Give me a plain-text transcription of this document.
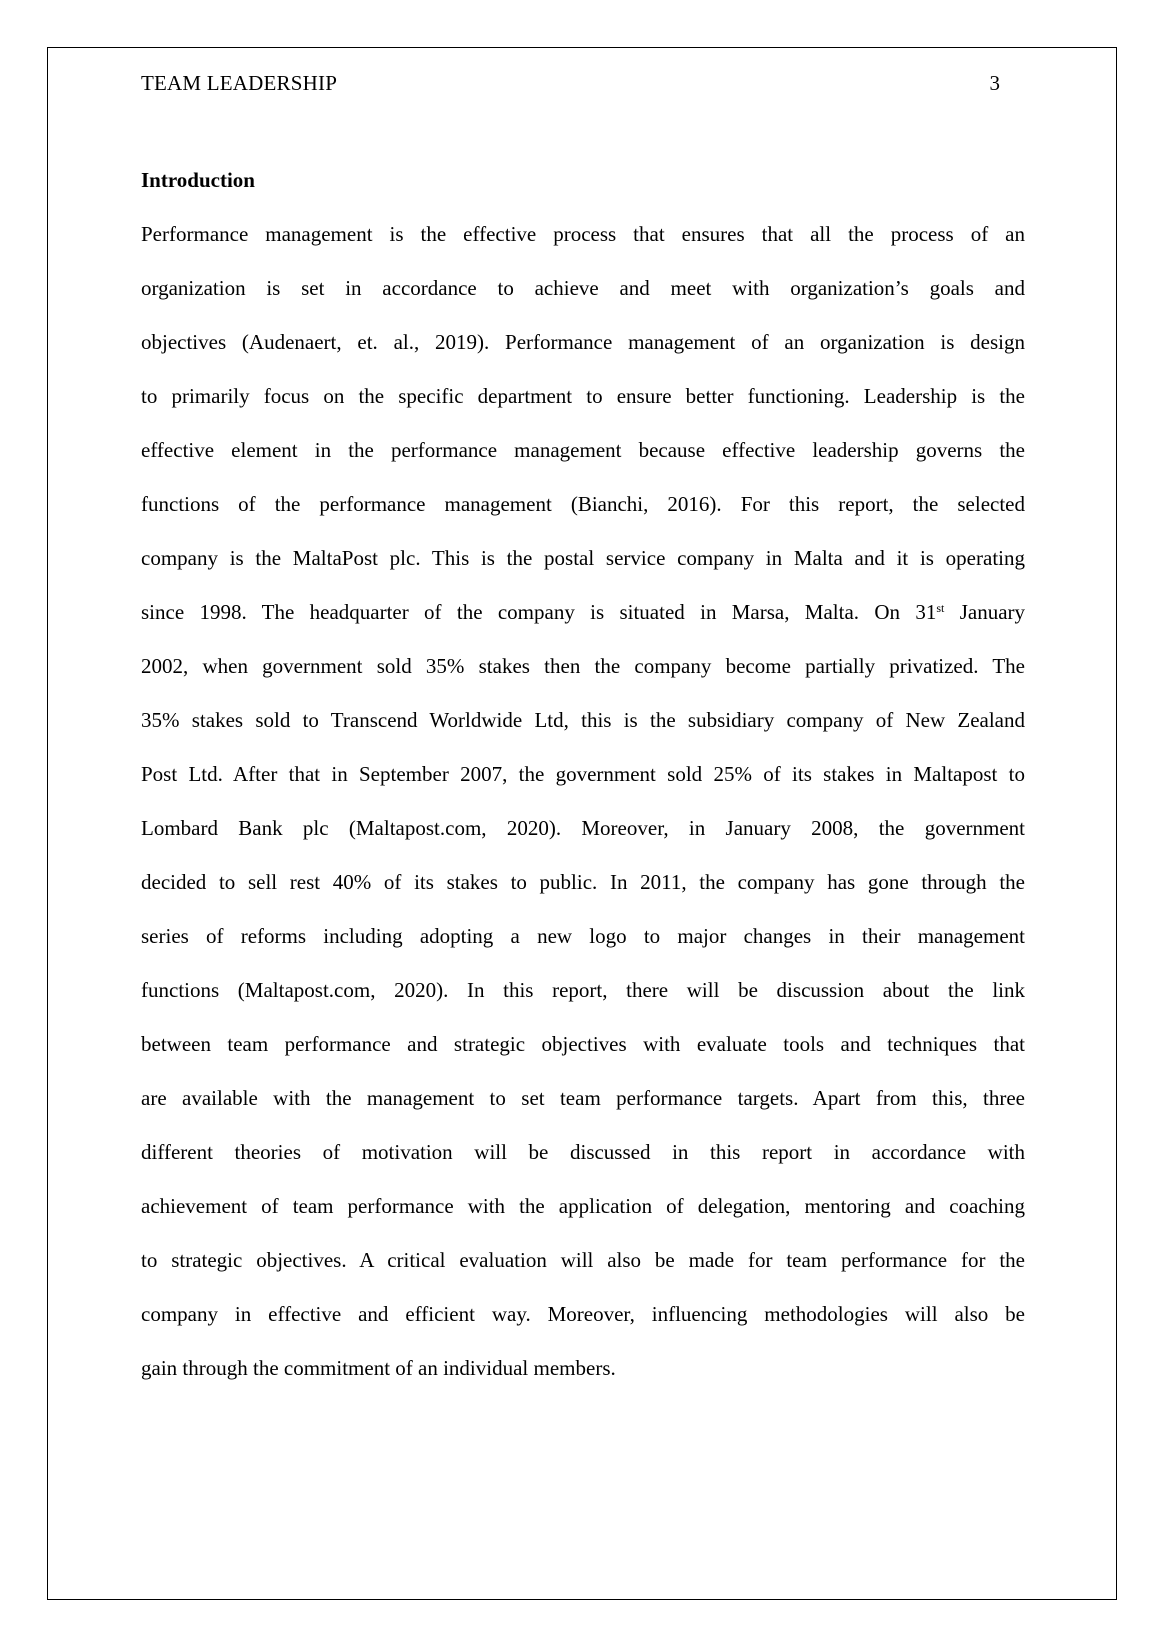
TEAM LEADERSHIP	3
Introduction
Performance management is the effective process that ensures that all the process of an
organization is set in accordance to achieve and meet with organization’s goals and
objectives (Audenaert, et. al., 2019). Performance management of an organization is design
to primarily focus on the specific department to ensure better functioning. Leadership is the
effective element in the performance management because effective leadership governs the
functions of the performance management (Bianchi, 2016). For this report, the selected
company is the MaltaPost plc. This is the postal service company in Malta and it is operating
since 1998. The headquarter of the company is situated in Marsa, Malta. On 31st January
2002, when government sold 35% stakes then the company become partially privatized. The
35% stakes sold to Transcend Worldwide Ltd, this is the subsidiary company of New Zealand
Post Ltd. After that in September 2007, the government sold 25% of its stakes in Maltapost to
Lombard Bank plc (Maltapost.com, 2020). Moreover, in January 2008, the government
decided to sell rest 40% of its stakes to public. In 2011, the company has gone through the
series of reforms including adopting a new logo to major changes in their management
functions (Maltapost.com, 2020). In this report, there will be discussion about the link
between team performance and strategic objectives with evaluate tools and techniques that
are available with the management to set team performance targets. Apart from this, three
different theories of motivation will be discussed in this report in accordance with
achievement of team performance with the application of delegation, mentoring and coaching
to strategic objectives. A critical evaluation will also be made for team performance for the
company in effective and efficient way. Moreover, influencing methodologies will also be
gain through the commitment of an individual members.
